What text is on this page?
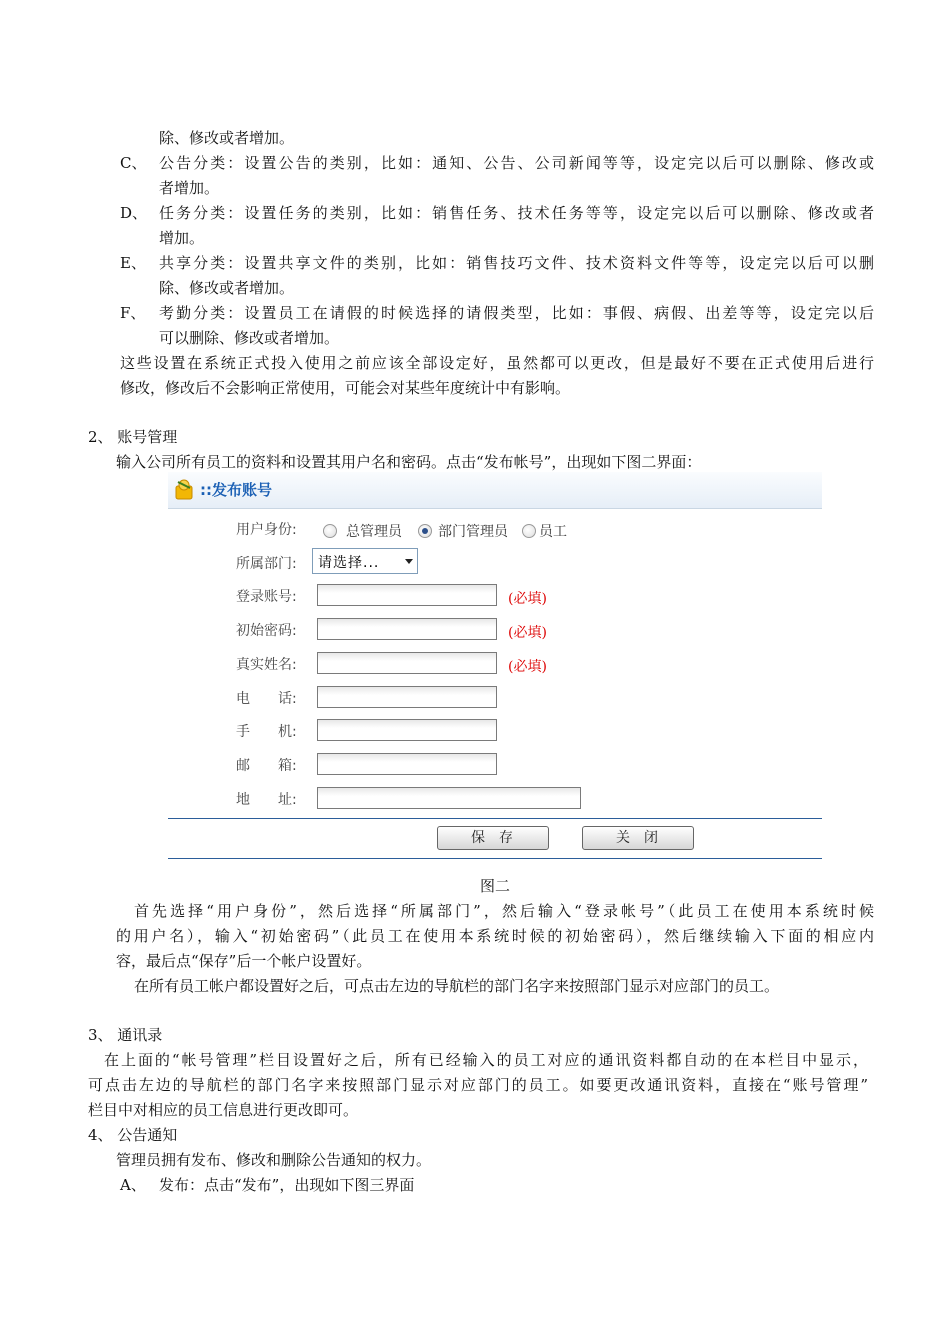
除、修改或者增加。
C、 公告分类：设置公告的类别，比如：通知、公告、公司新闻等等，设定完以后可以删除、修改或
者增加。
D、 任务分类：设置任务的类别，比如：销售任务、技术任务等等，设定完以后可以删除、修改或者
增加。
E、 共享分类：设置共享文件的类别，比如：销售技巧文件、技术资料文件等等，设定完以后可以删
除、修改或者增加。
F、 考勤分类：设置员工在请假的时候选择的请假类型，比如：事假、病假、出差等等，设定完以后
可以删除、修改或者增加。
这些设置在系统正式投入使用之前应该全部设定好，虽然都可以更改，但是最好不要在正式使用后进行
修改，修改后不会影响正常使用，可能会对某些年度统计中有影响。
2、 账号管理
输入公司所有员工的资料和设置其用户名和密码。点击“发布帐号”，出现如下图二界面：
::发布账号
用户身份:	总管理员	部门管理员 员工
所属部门: 请选择...
登录账号:	(必填)
初始密码:	(必填)
真实姓名:	(必填)
电　　话:
手　　机:
邮　　箱:
地　　址:
保存	关闭
图二
首先选择“用户身份”，然后选择“所属部门”，然后输入“登录帐号”（此员工在使用本系统时候
的用户名），输入“初始密码”（此员工在使用本系统时候的初始密码），然后继续输入下面的相应内
容，最后点“保存”后一个帐户设置好。
在所有员工帐户都设置好之后，可点击左边的导航栏的部门名字来按照部门显示对应部门的员工。
3、 通讯录
在上面的“帐号管理”栏目设置好之后，所有已经输入的员工对应的通讯资料都自动的在本栏目中显示，
可点击左边的导航栏的部门名字来按照部门显示对应部门的员工。如要更改通讯资料，直接在“账号管理”
栏目中对相应的员工信息进行更改即可。
4、 公告通知
管理员拥有发布、修改和删除公告通知的权力。
A、 发布：点击“发布”，出现如下图三界面
